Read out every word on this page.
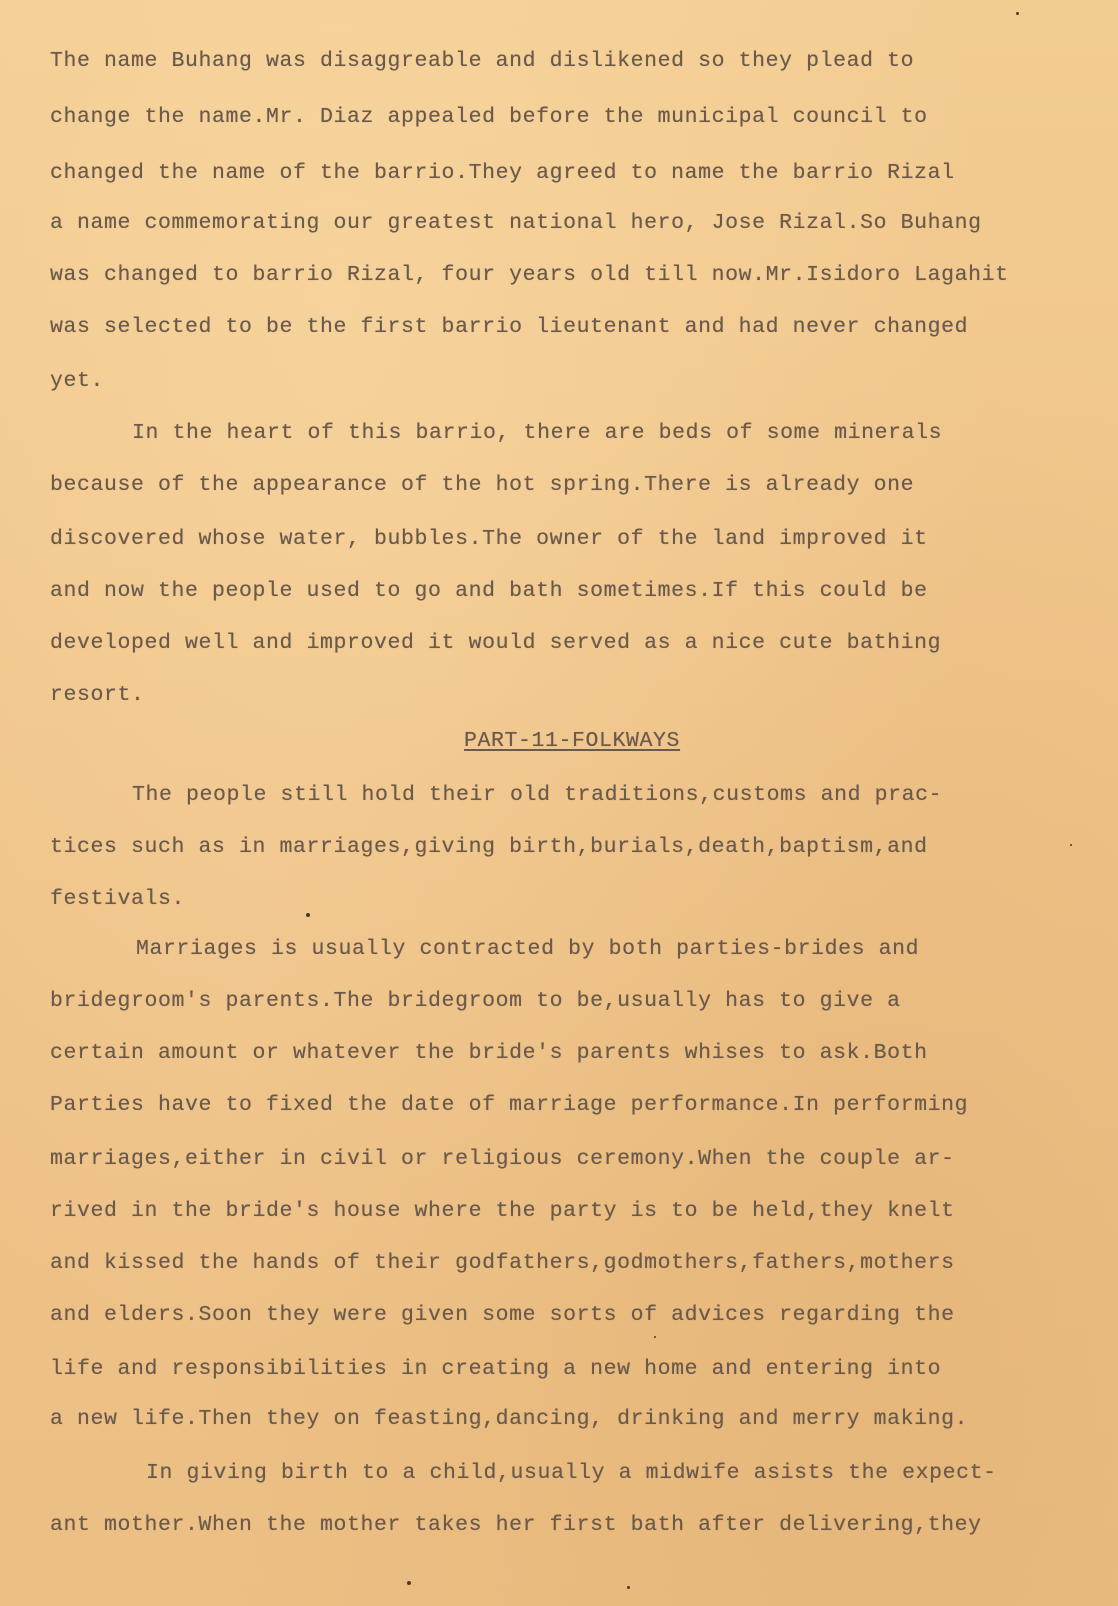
The name Buhang was disaggreable and dislikened so they plead to
change the name.Mr. Diaz appealed before the municipal council to
changed the name of the barrio.They agreed to name the barrio Rizal
a name commemorating our greatest national hero, Jose Rizal.So Buhang
was changed to barrio Rizal, four years old till now.Mr.Isidoro Lagahit
was selected to be the first barrio lieutenant and had never changed
yet.
In the heart of this barrio, there are beds of some minerals
because of the appearance of the hot spring.There is already one
discovered whose water, bubbles.The owner of the land improved it
and now the people used to go and bath sometimes.If this could be
developed well and improved it would served as a nice cute bathing
resort.
PART-11-FOLKWAYS
The people still hold their old traditions,customs and prac-
tices such as in marriages,giving birth,burials,death,baptism,and
festivals.
Marriages is usually contracted by both parties-brides and
bridegroom's parents.The bridegroom to be,usually has to give a
certain amount or whatever the bride's parents whises to ask.Both
Parties have to fixed the date of marriage performance.In performing
marriages,either in civil or religious ceremony.When the couple ar-
rived in the bride's house where the party is to be held,they knelt
and kissed the hands of their godfathers,godmothers,fathers,mothers
and elders.Soon they were given some sorts of advices regarding the
life and responsibilities in creating a new home and entering into
a new life.Then they on feasting,dancing, drinking and merry making.
In giving birth to a child,usually a midwife asists the expect-
ant mother.When the mother takes her first bath after delivering,they
